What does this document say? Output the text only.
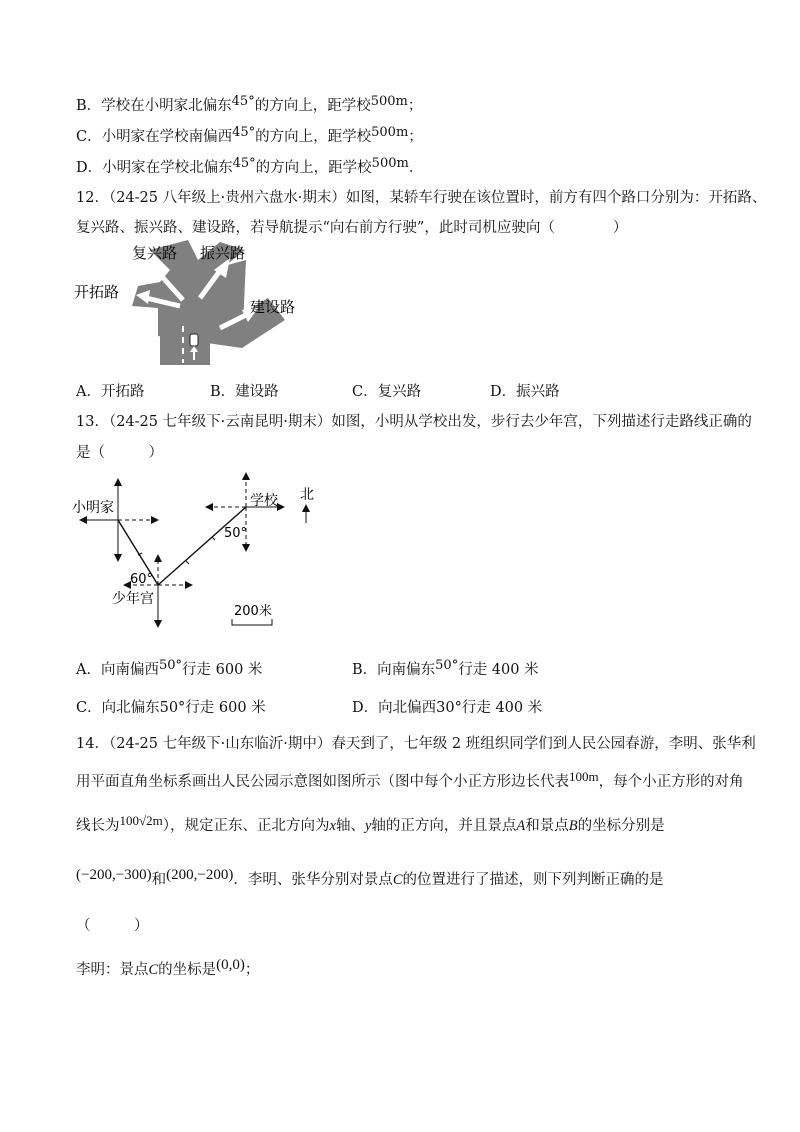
B．学校在小明家北偏东45°的方向上，距学校500m；
C．小明家在学校南偏西45°的方向上，距学校500m；
D．小明家在学校北偏东45°的方向上，距学校500m．
12．（24-25 八年级上·贵州六盘水·期末）如图，某轿车行驶在该位置时，前方有四个路口分别为：开拓路、
复兴路、振兴路、建设路，若导航提示“向右前方行驶”，此时司机应驶向（　　　　）
复兴路 振兴路
开拓路
建设路
A．开拓路	B．建设路	C．复兴路	D．振兴路
13．（24-25 七年级下·云南昆明·期末）如图，小明从学校出发，步行去少年宫，下列描述行走路线正确的
是（　　　）
北
小明家	学校
少年宫
50°
60°
200米
A．向南偏西50°行走 600 米	B．向南偏东50°行走 400 米
C．向北偏东50°行走 600 米	D．向北偏西30°行走 400 米
14．（24-25 七年级下·山东临沂·期中）春天到了，七年级 2 班组织同学们到人民公园春游，李明、张华利
用平面直角坐标系画出人民公园示意图如图所示（图中每个小正方形边长代表100m，每个小正方形的对角
线长为100√2m），规定正东、正北方向为x轴、y轴的正方向，并且景点A和景点B的坐标分别是
(−200,−300)和(200,−200)．李明、张华分别对景点C的位置进行了描述，则下列判断正确的是
（　　　）
李明：景点C的坐标是(0,0)；
